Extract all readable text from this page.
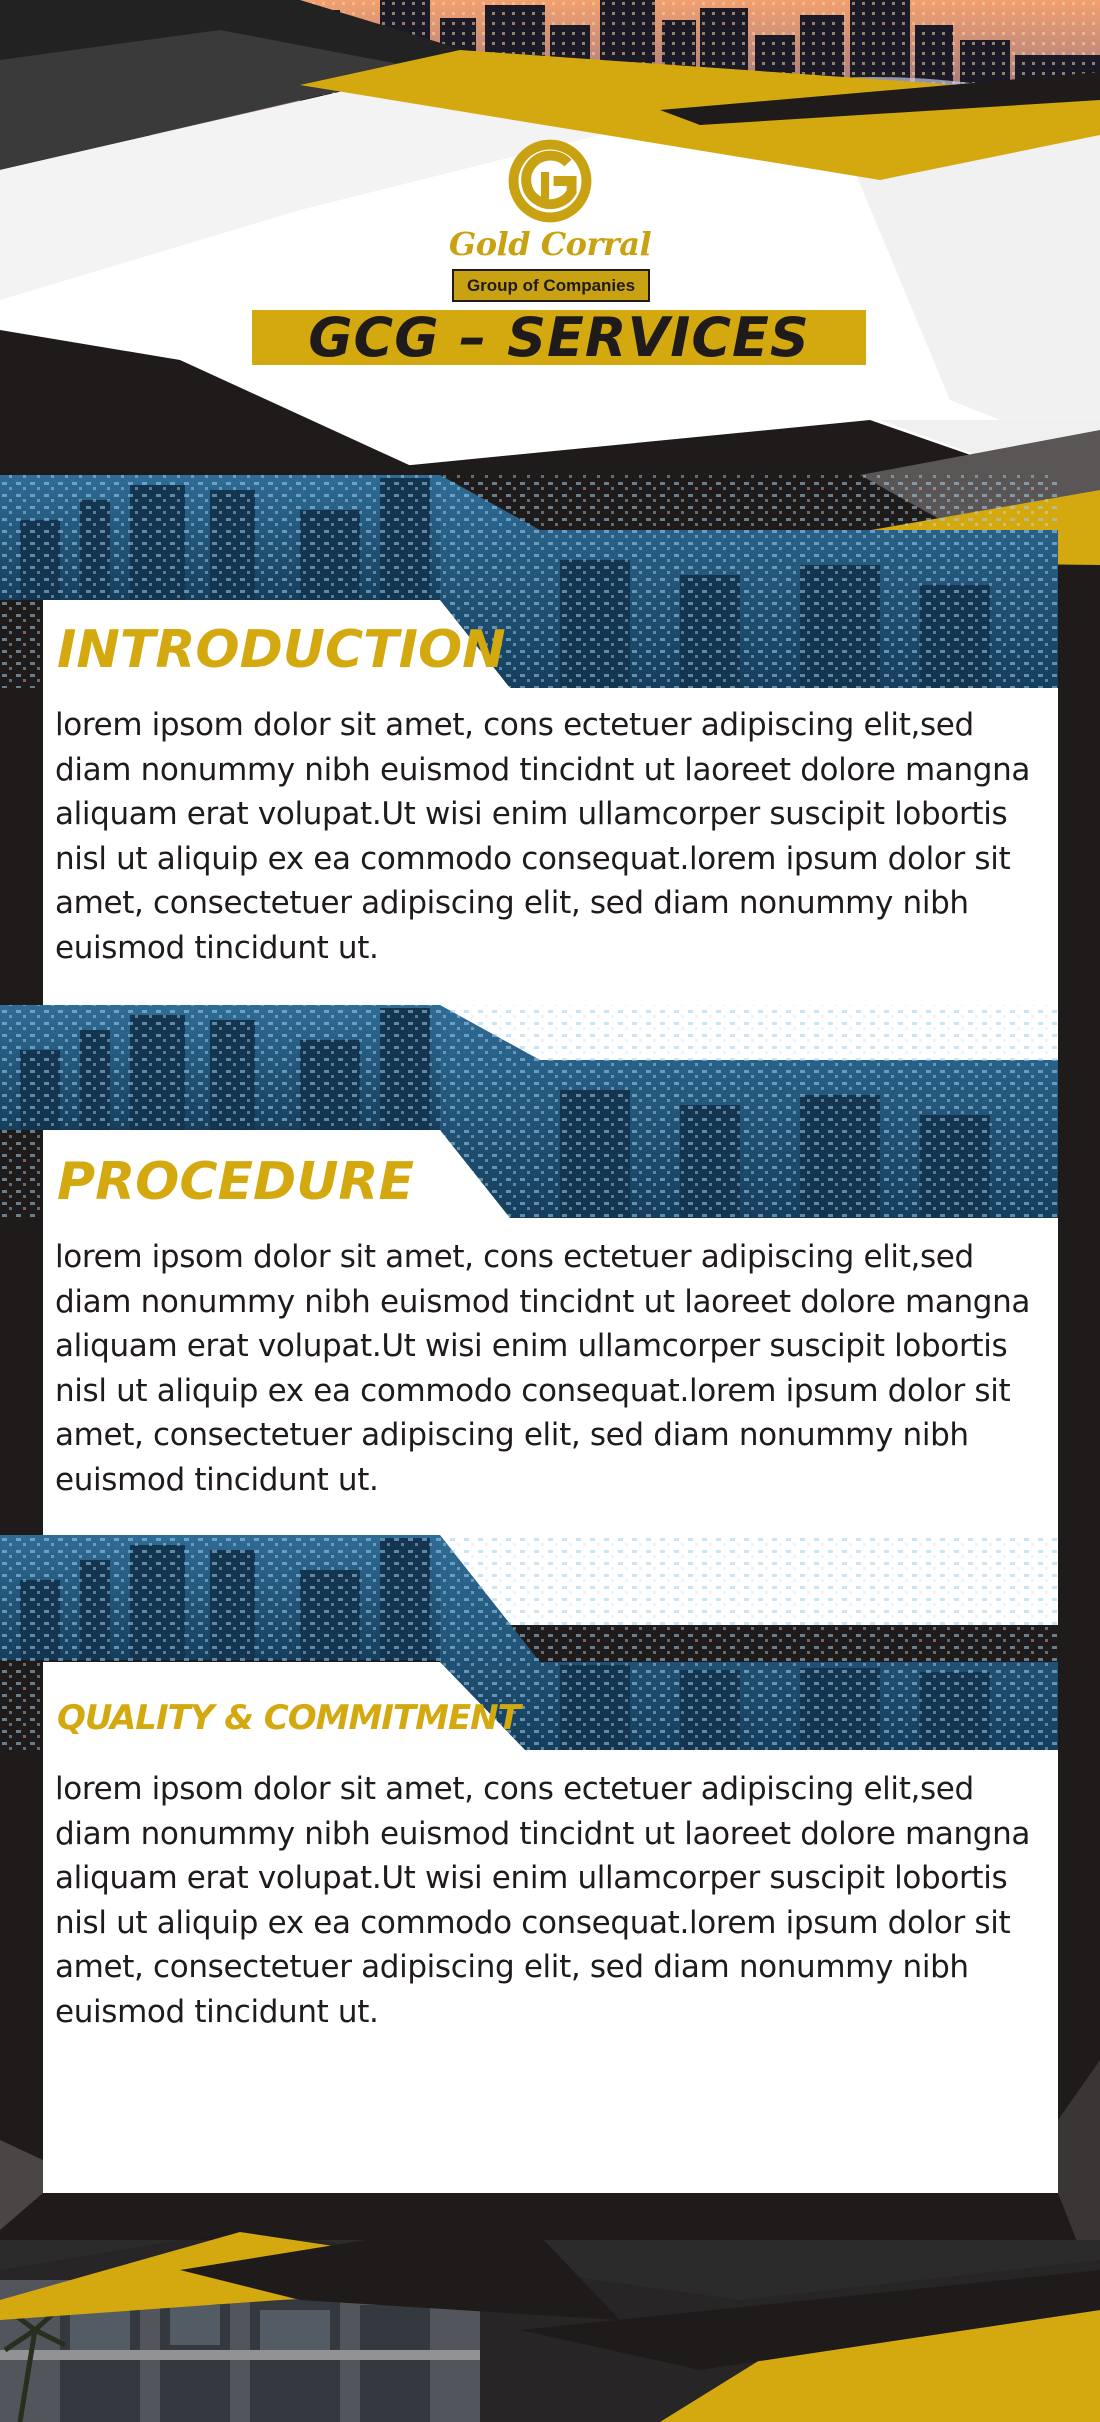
Gold Corral
Group of Companies
GCG – SERVICES
INTRODUCTION

lorem ipsom dolor sit amet, cons ectetuer adipiscing elit,sed diam nonummy nibh euismod tincidnt ut laoreet dolore mangna aliquam erat volupat.Ut wisi enim ullamcorper suscipit lobortis nisl ut aliquip ex ea commodo consequat.lorem ipsum dolor sit amet, consectetuer adipiscing elit, sed diam nonummy nibh euismod tincidunt ut.

PROCEDURE

lorem ipsom dolor sit amet, cons ectetuer adipiscing elit,sed diam nonummy nibh euismod tincidnt ut laoreet dolore mangna aliquam erat volupat.Ut wisi enim ullamcorper suscipit lobortis nisl ut aliquip ex ea commodo consequat.lorem ipsum dolor sit amet, consectetuer adipiscing elit, sed diam nonummy nibh euismod tincidunt ut.

QUALITY & COMMITMENT

lorem ipsom dolor sit amet, cons ectetuer adipiscing elit,sed diam nonummy nibh euismod tincidnt ut laoreet dolore mangna aliquam erat volupat.Ut wisi enim ullamcorper suscipit lobortis nisl ut aliquip ex ea commodo consequat.lorem ipsum dolor sit amet, consectetuer adipiscing elit, sed diam nonummy nibh euismod tincidunt ut.
